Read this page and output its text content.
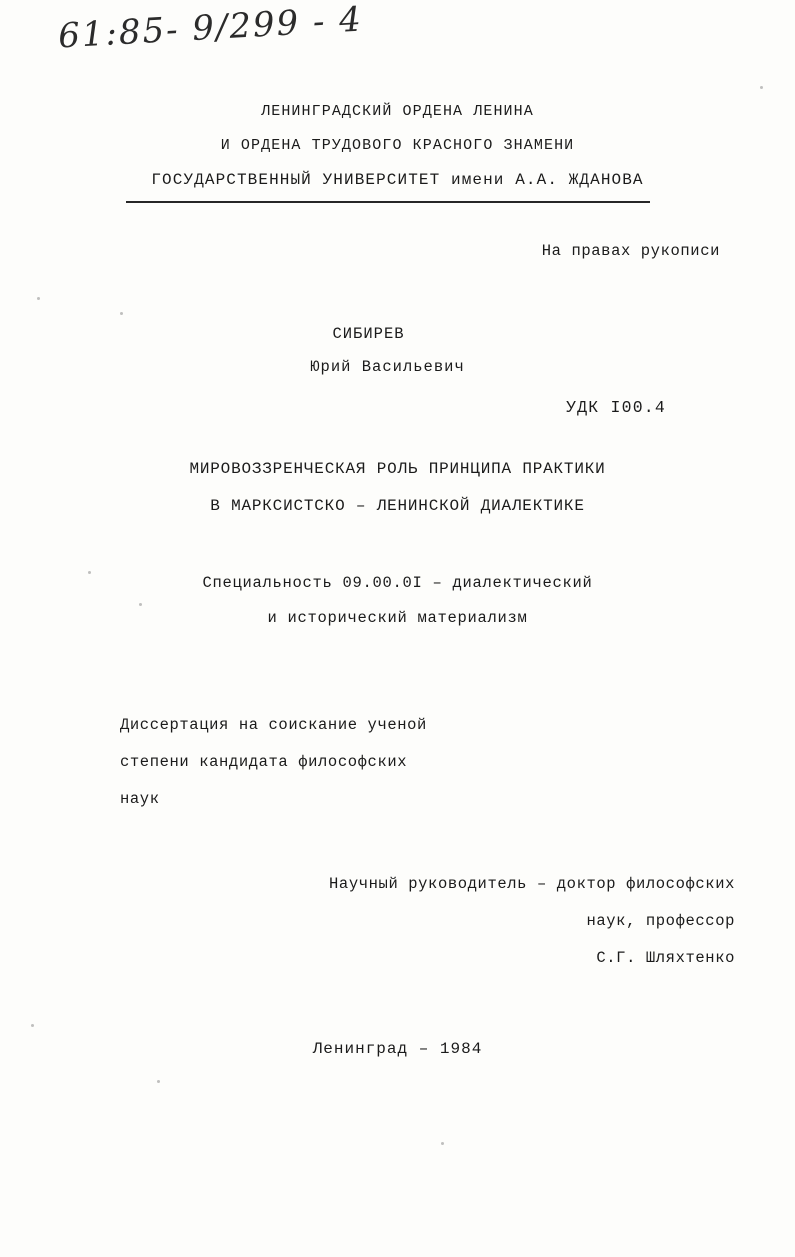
61:85- 9/299 - 4
ЛЕНИНГРАДСКИЙ ОРДЕНА ЛЕНИНА
И ОРДЕНА ТРУДОВОГО КРАСНОГО ЗНАМЕНИ
ГОСУДАРСТВЕННЫЙ УНИВЕРСИТЕТ имени А.А. ЖДАНОВА
На правах рукописи
СИБИРЕВ
Юрий Васильевич
УДК I00.4
МИРОВОЗЗРЕНЧЕСКАЯ РОЛЬ ПРИНЦИПА ПРАКТИКИ
В МАРКСИСТСКО – ЛЕНИНСКОЙ ДИАЛЕКТИКЕ
Специальность 09.00.0I – диалектический
и исторический материализм
Диссертация на соискание ученой
степени кандидата философских
наук
Научный руководитель – доктор философских
наук, профессор
С.Г. Шляхтенко
Ленинград – 1984
